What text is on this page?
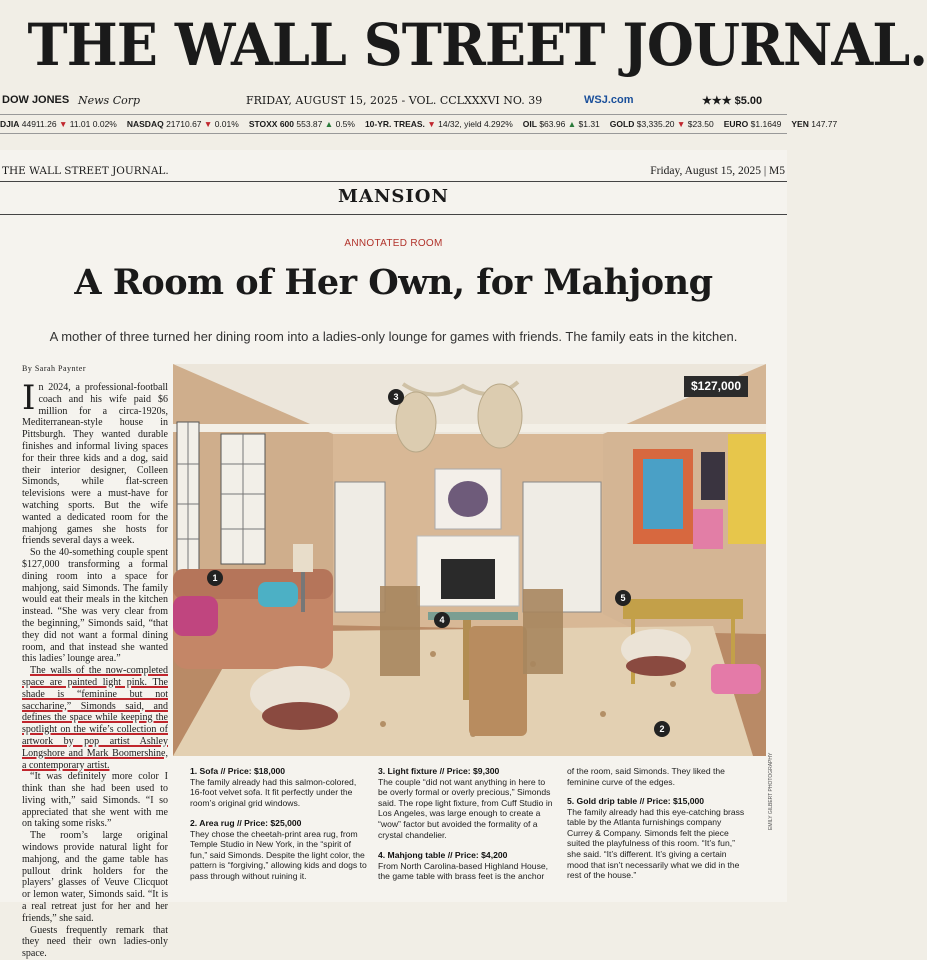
THE WALL STREET JOURNAL.
DOW JONES News Corp	FRIDAY, AUGUST 15, 2025 - VOL. CCLXXXVI NO. 39	WSJ.com	★★★ $5.00
DJIA 44911.26 ▼ 11.01 0.02% NASDAQ 21710.67 ▼ 0.01% STOXX 600 553.87 ▲ 0.5% 10-YR. TREAS. ▼ 14/32, yield 4.292% OIL $63.96 ▲ $1.31 GOLD $3,335.20 ▼ $23.50 EURO $1.1649 YEN 147.77
THE WALL STREET JOURNAL.	Friday, August 15, 2025 | M5
MANSION
ANNOTATED ROOM
A Room of Her Own, for Mahjong
A mother of three turned her dining room into a ladies-only lounge for games with friends. The family eats in the kitchen.
By Sarah Paynter

In 2024, a professional-football coach and his wife paid $6 million for a circa-1920s, Mediterranean-style house in Pittsburgh. They wanted durable finishes and informal living spaces for their three kids and a dog, said their interior designer, Colleen Simonds, while flat-screen televisions were a must-have for watching sports. But the wife wanted a dedicated room for the mahjong games she hosts for friends several days a week.

So the 40-something couple spent $127,000 transforming a formal dining room into a space for mahjong, said Simonds. The family would eat their meals in the kitchen instead. “She was very clear from the beginning,” Simonds said, “that they did not want a formal dining room, and that instead she wanted this ladies’ lounge area.”

The walls of the now-completed space are painted light pink. The shade is “feminine but not saccharine,” Simonds said, and defines the space while keeping the spotlight on the wife’s collection of artwork by pop artist Ashley Longshore and Mark Boomershine, a contemporary artist.

“It was definitely more color I think than she had been used to living with,” said Simonds. “I so appreciated that she went with me on taking some risks.”

The room’s large original windows provide natural light for mahjong, and the game table has pullout drink holders for the players’ glasses of Veuve Clicquot or lemon water, Simonds said. “It is a real retreat just for her and her friends,” she said.

Guests frequently remark that they need their own ladies-only space.

$127,000
1
2
3
4
5
EMILY GILBERT PHOTOGRAPHY
1. Sofa // Price: $18,000
The family already had this salmon-colored, 16-foot velvet sofa. It fit perfectly under the room’s original grid windows.
2. Area rug // Price: $25,000
They chose the cheetah-print area rug, from Temple Studio in New York, in the “spirit of fun,” said Simonds. Despite the light color, the pattern is “forgiving,” allowing kids and dogs to pass through without ruining it.
3. Light fixture // Price: $9,300
The couple “did not want anything in here to be overly formal or overly precious,” Simonds said. The rope light fixture, from Cuff Studio in Los Angeles, was large enough to create a “wow” factor but avoided the formality of a crystal chandelier.
4. Mahjong table // Price: $4,200
From North Carolina-based Highland House, the game table with brass feet is the anchor
of the room, said Simonds. They liked the feminine curve of the edges.
5. Gold drip table // Price: $15,000
The family already had this eye-catching brass table by the Atlanta furnishings company Currey & Company. Simonds felt the piece suited the playfulness of this room. “It’s fun,” she said. “It’s different. It’s giving a certain mood that isn’t necessarily what we did in the rest of the house.”
